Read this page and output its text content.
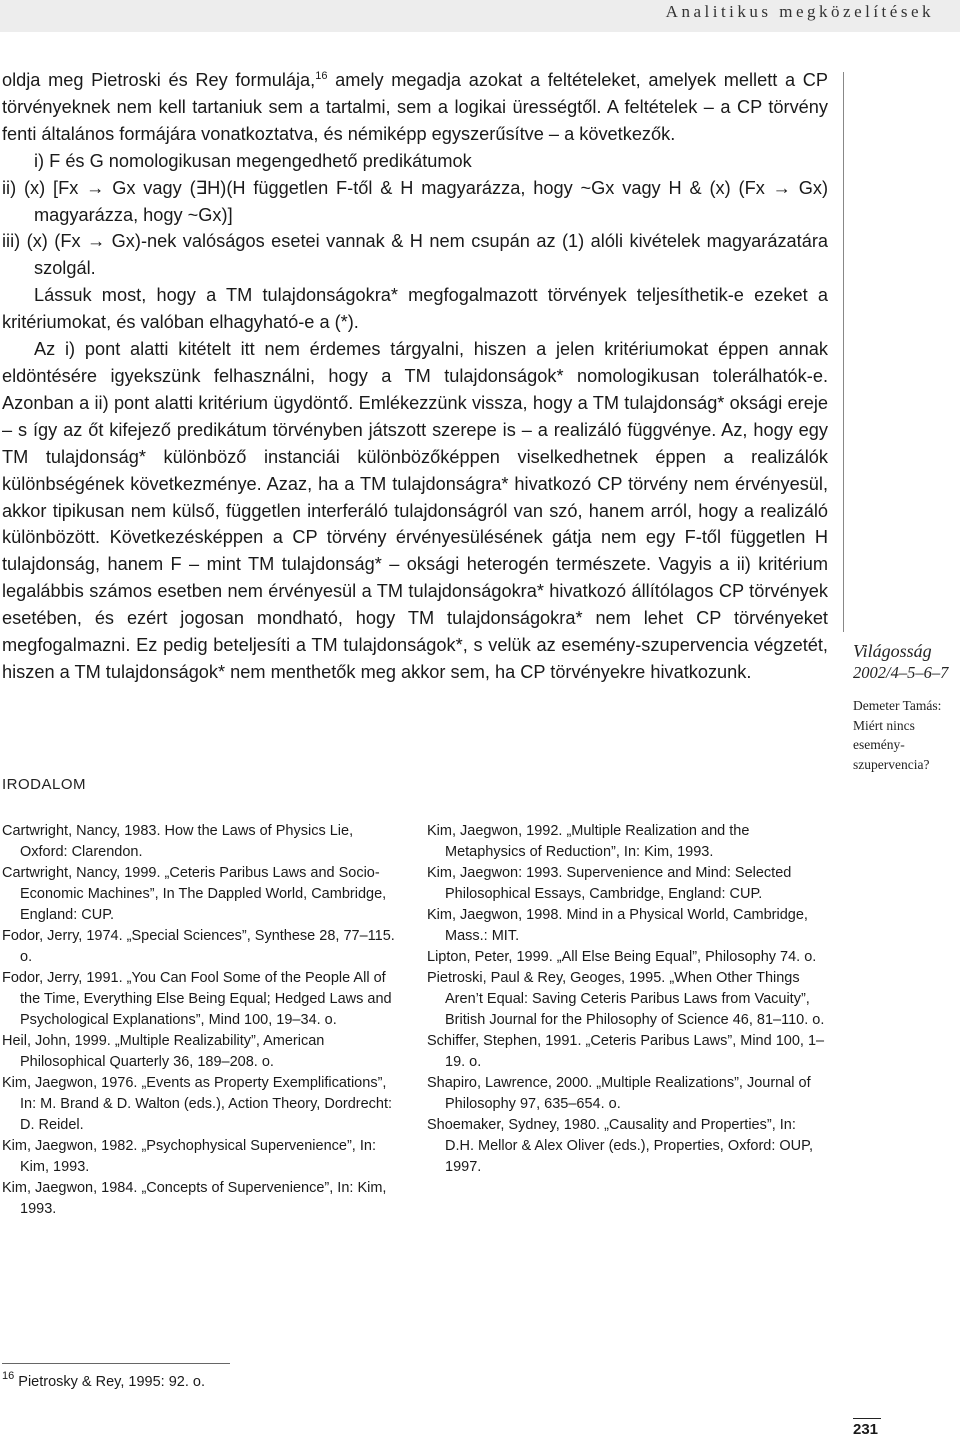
Analitikus megközelítések

oldja meg Pietroski és Rey formulája,$^{16}$ amely megadja azokat a feltételeket, amelyek mellett a CP törvényeknek nem kell tartaniuk sem a tartalmi, sem a logikai ürességtől. A feltételek – a CP törvény fenti általános formájára vonatkoztatva, és némiképp egyszerűsítve – a következők.

i) F és G nomologikusan megengedhető predikátumok

ii) (x) [Fx → Gx vagy (∃H)(H független F-től & H magyarázza, hogy ~Gx vagy H & (x) (Fx → Gx) magyarázza, hogy ~Gx)]

iii) (x) (Fx → Gx)-nek valóságos esetei vannak & H nem csupán az (1) alóli kivételek magyarázatára szolgál.

Lássuk most, hogy a TM tulajdonságokra* megfogalmazott törvények teljesíthetik-e ezeket a kritériumokat, és valóban elhagyható-e a (*).

Az i) pont alatti kitételt itt nem érdemes tárgyalni, hiszen a jelen kritériumokat éppen annak eldöntésére igyekszünk felhasználni, hogy a TM tulajdonságok* nomologikusan tolerálhatók-e. Azonban a ii) pont alatti kritérium ügydöntő. Emlékezzünk vissza, hogy a TM tulajdonság* oksági ereje – s így az őt kifejező predikátum törvényben játszott szerepe is – a realizáló függvénye. Az, hogy egy TM tulajdonság* különböző instanciái különbözőképpen viselkedhetnek éppen a realizálók különbségének következménye. Azaz, ha a TM tulajdonságra* hivatkozó CP törvény nem érvényesül, akkor tipikusan nem külső, független interferáló tulajdonságról van szó, hanem arról, hogy a realizáló különbözött. Következésképpen a CP törvény érvényesülésének gátja nem egy F-től független H tulajdonság, hanem F – mint TM tulajdonság* – oksági heterogén természete. Vagyis a ii) kritérium legalábbis számos esetben nem érvényesül a TM tulajdonságokra* hivatkozó állítólagos CP törvények esetében, és ezért jogosan mondható, hogy TM tulajdonságokra* nem lehet CP törvényeket megfogalmazni. Ez pedig beteljesíti a TM tulajdonságok*, s velük az esemény-szupervencia végzetét, hiszen a TM tulajdonságok* nem menthetők meg akkor sem, ha CP törvényekre hivatkozunk.

Világosság
2002/4–5–6–7
Demeter Tamás:
Miért nincs
esemény-
szupervencia?
IRODALOM

Cartwright, Nancy, 1983. How the Laws of Physics Lie, Oxford: Clarendon.

Cartwright, Nancy, 1999. „Ceteris Paribus Laws and Socio-Economic Machines”, In The Dappled World, Cambridge, England: CUP.

Fodor, Jerry, 1974. „Special Sciences”, Synthese 28, 77–115. o.

Fodor, Jerry, 1991. „You Can Fool Some of the People All of the Time, Everything Else Being Equal; Hedged Laws and Psychological Explanations”, Mind 100, 19–34. o.

Heil, John, 1999. „Multiple Realizability”, American Philosophical Quarterly 36, 189–208. o.

Kim, Jaegwon, 1976. „Events as Property Exemplifications”, In: M. Brand & D. Walton (eds.), Action Theory, Dordrecht: D. Reidel.

Kim, Jaegwon, 1982. „Psychophysical Supervenience”, In: Kim, 1993.

Kim, Jaegwon, 1984. „Concepts of Supervenience”, In: Kim, 1993.

Kim, Jaegwon, 1992. „Multiple Realization and the Metaphysics of Reduction”, In: Kim, 1993.

Kim, Jaegwon: 1993. Supervenience and Mind: Selected Philosophical Essays, Cambridge, England: CUP.

Kim, Jaegwon, 1998. Mind in a Physical World, Cambridge, Mass.: MIT.

Lipton, Peter, 1999. „All Else Being Equal”, Philosophy 74. o.

Pietroski, Paul & Rey, Geoges, 1995. „When Other Things Aren’t Equal: Saving Ceteris Paribus Laws from Vacuity”, British Journal for the Philosophy of Science 46, 81–110. o.

Schiffer, Stephen, 1991. „Ceteris Paribus Laws”, Mind 100, 1–19. o.

Shapiro, Lawrence, 2000. „Multiple Realizations”, Journal of Philosophy 97, 635–654. o.

Shoemaker, Sydney, 1980. „Causality and Properties”, In: D.H. Mellor & Alex Oliver (eds.), Properties, Oxford: OUP, 1997.

$^{16}$ Pietrosky & Rey, 1995: 92. o.
231
